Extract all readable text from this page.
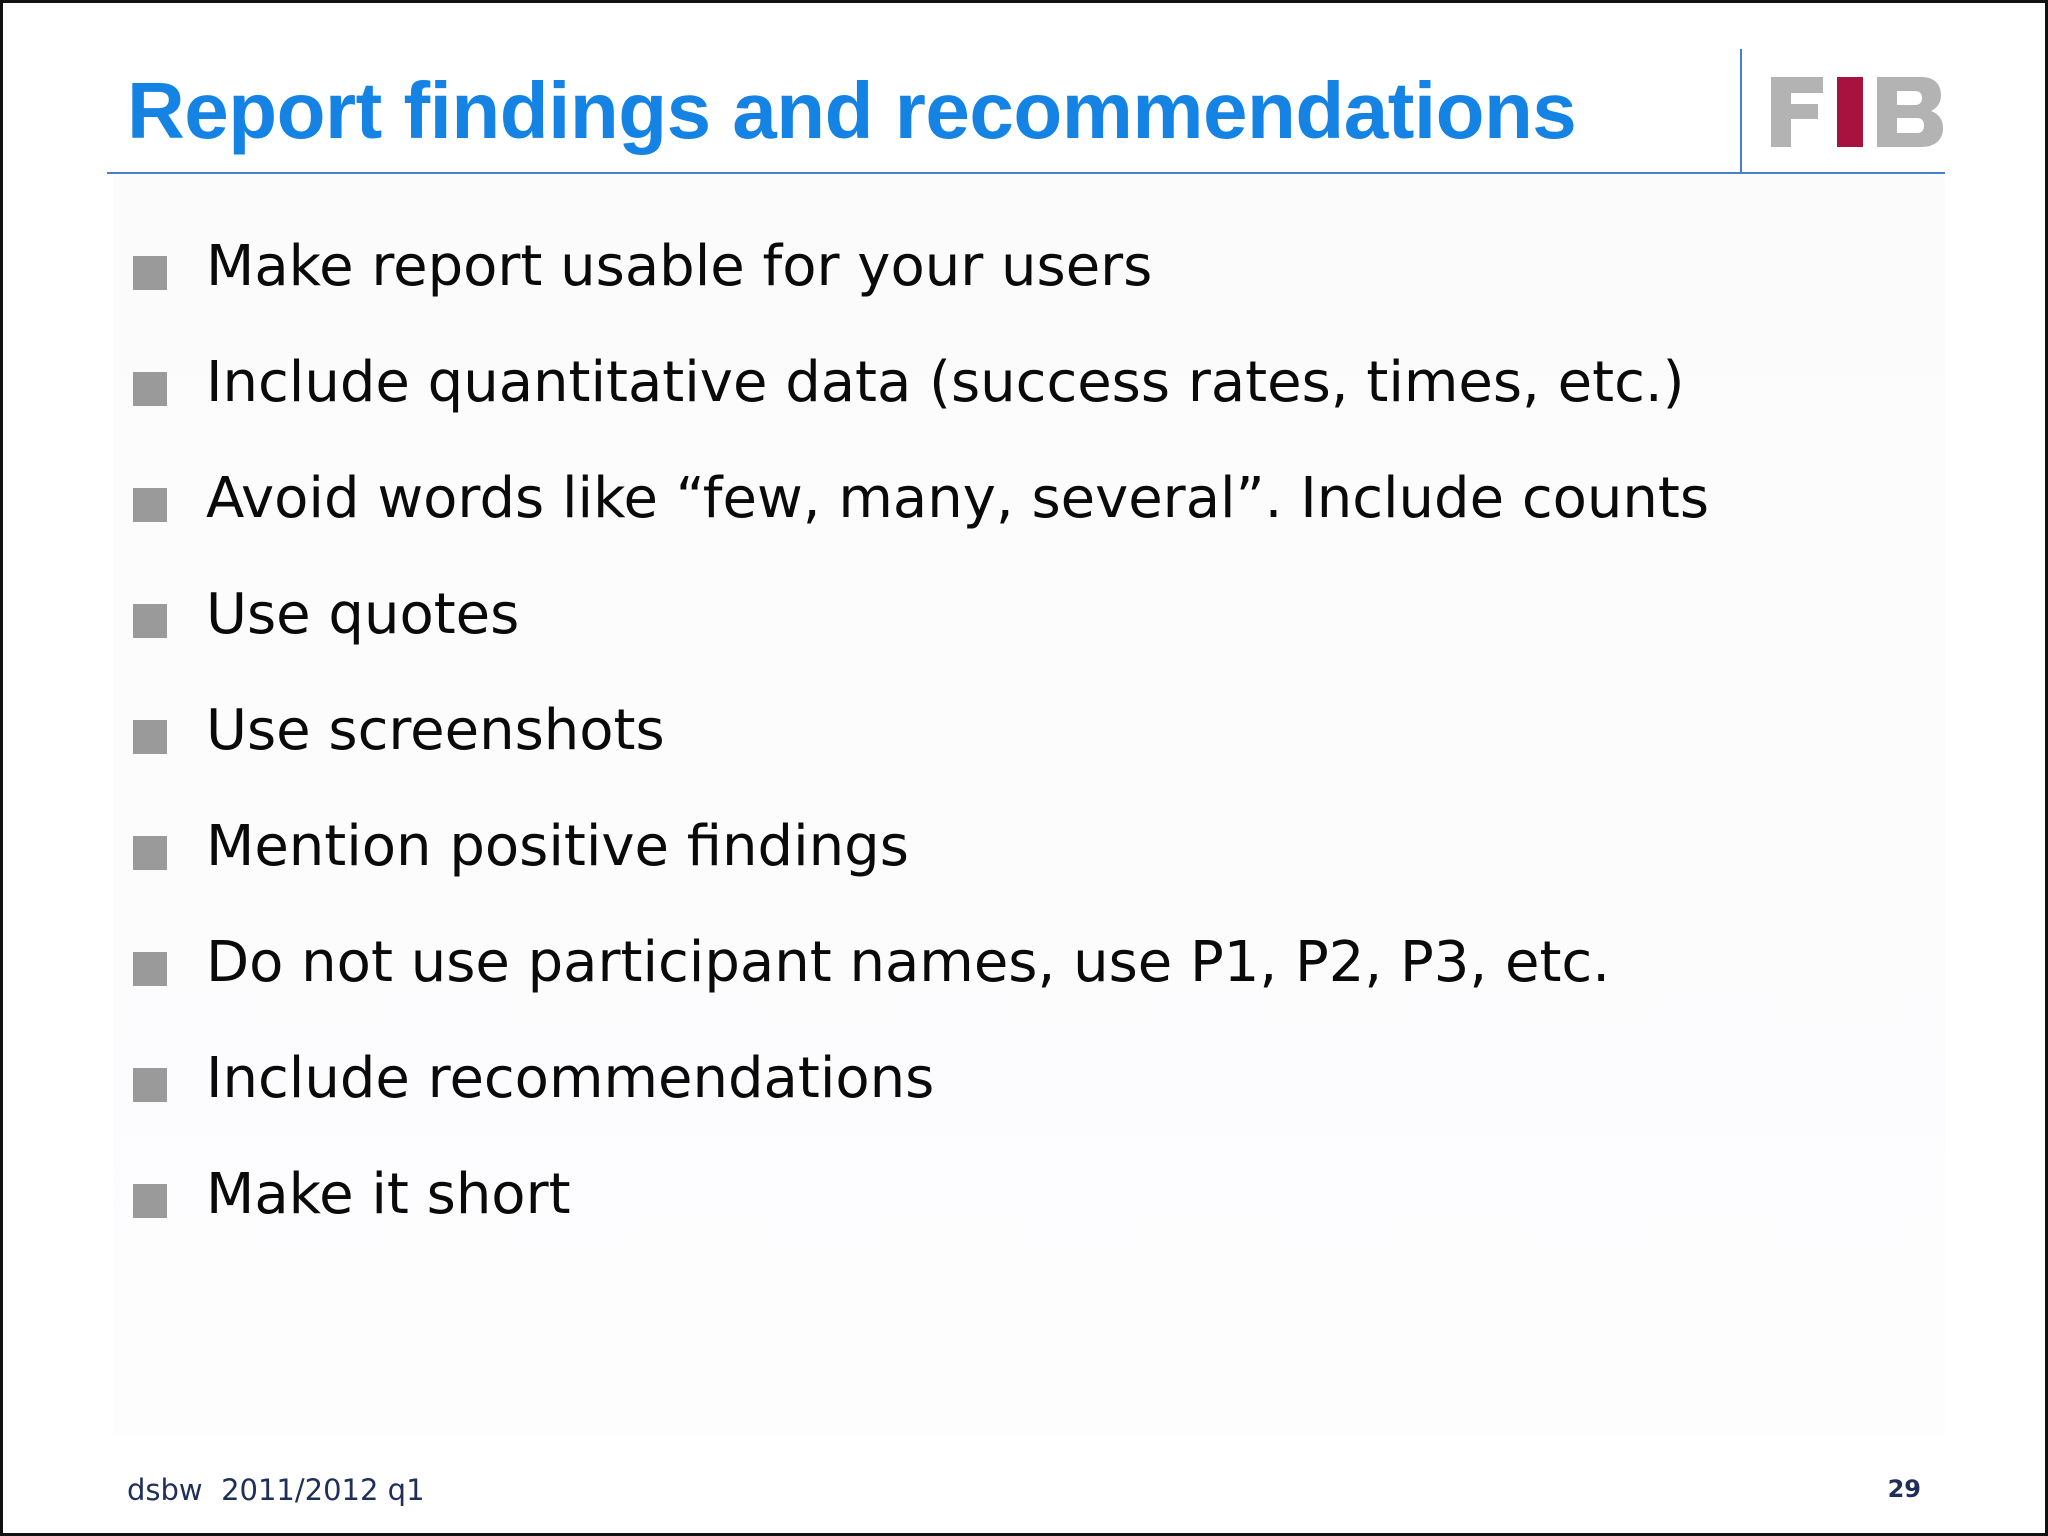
Report findings and recommendations
Make report usable for your users
Include quantitative data (success rates, times, etc.)
Avoid words like “few, many, several”. Include counts
Use quotes
Use screenshots
Mention positive findings
Do not use participant names, use P1, P2, P3, etc.
Include recommendations
Make it short
dsbw  2011/2012 q1	29
